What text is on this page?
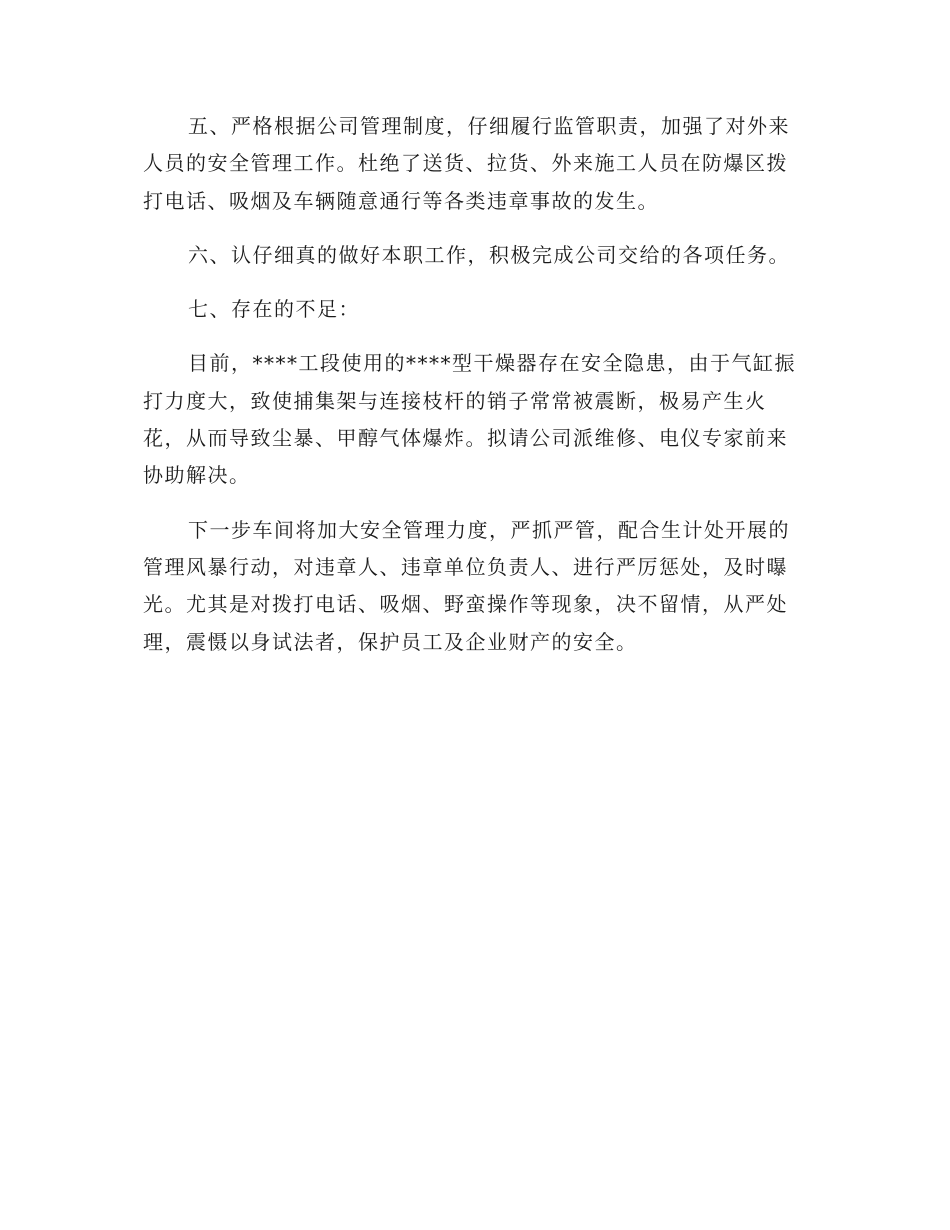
五、严格根据公司管理制度，仔细履行监管职责，加强了对外来
人员的安全管理工作。杜绝了送货、拉货、外来施工人员在防爆区拨
打电话、吸烟及车辆随意通行等各类违章事故的发生。

六、认仔细真的做好本职工作，积极完成公司交给的各项任务。

七、存在的不足：

目前，****工段使用的****型干燥器存在安全隐患，由于气缸振
打力度大，致使捕集架与连接枝杆的销子常常被震断，极易产生火
花，从而导致尘暴、甲醇气体爆炸。拟请公司派维修、电仪专家前来
协助解决。

下一步车间将加大安全管理力度，严抓严管，配合生计处开展的
管理风暴行动，对违章人、违章单位负责人、进行严厉惩处，及时曝
光。尤其是对拨打电话、吸烟、野蛮操作等现象，决不留情，从严处
理，震慑以身试法者，保护员工及企业财产的安全。
